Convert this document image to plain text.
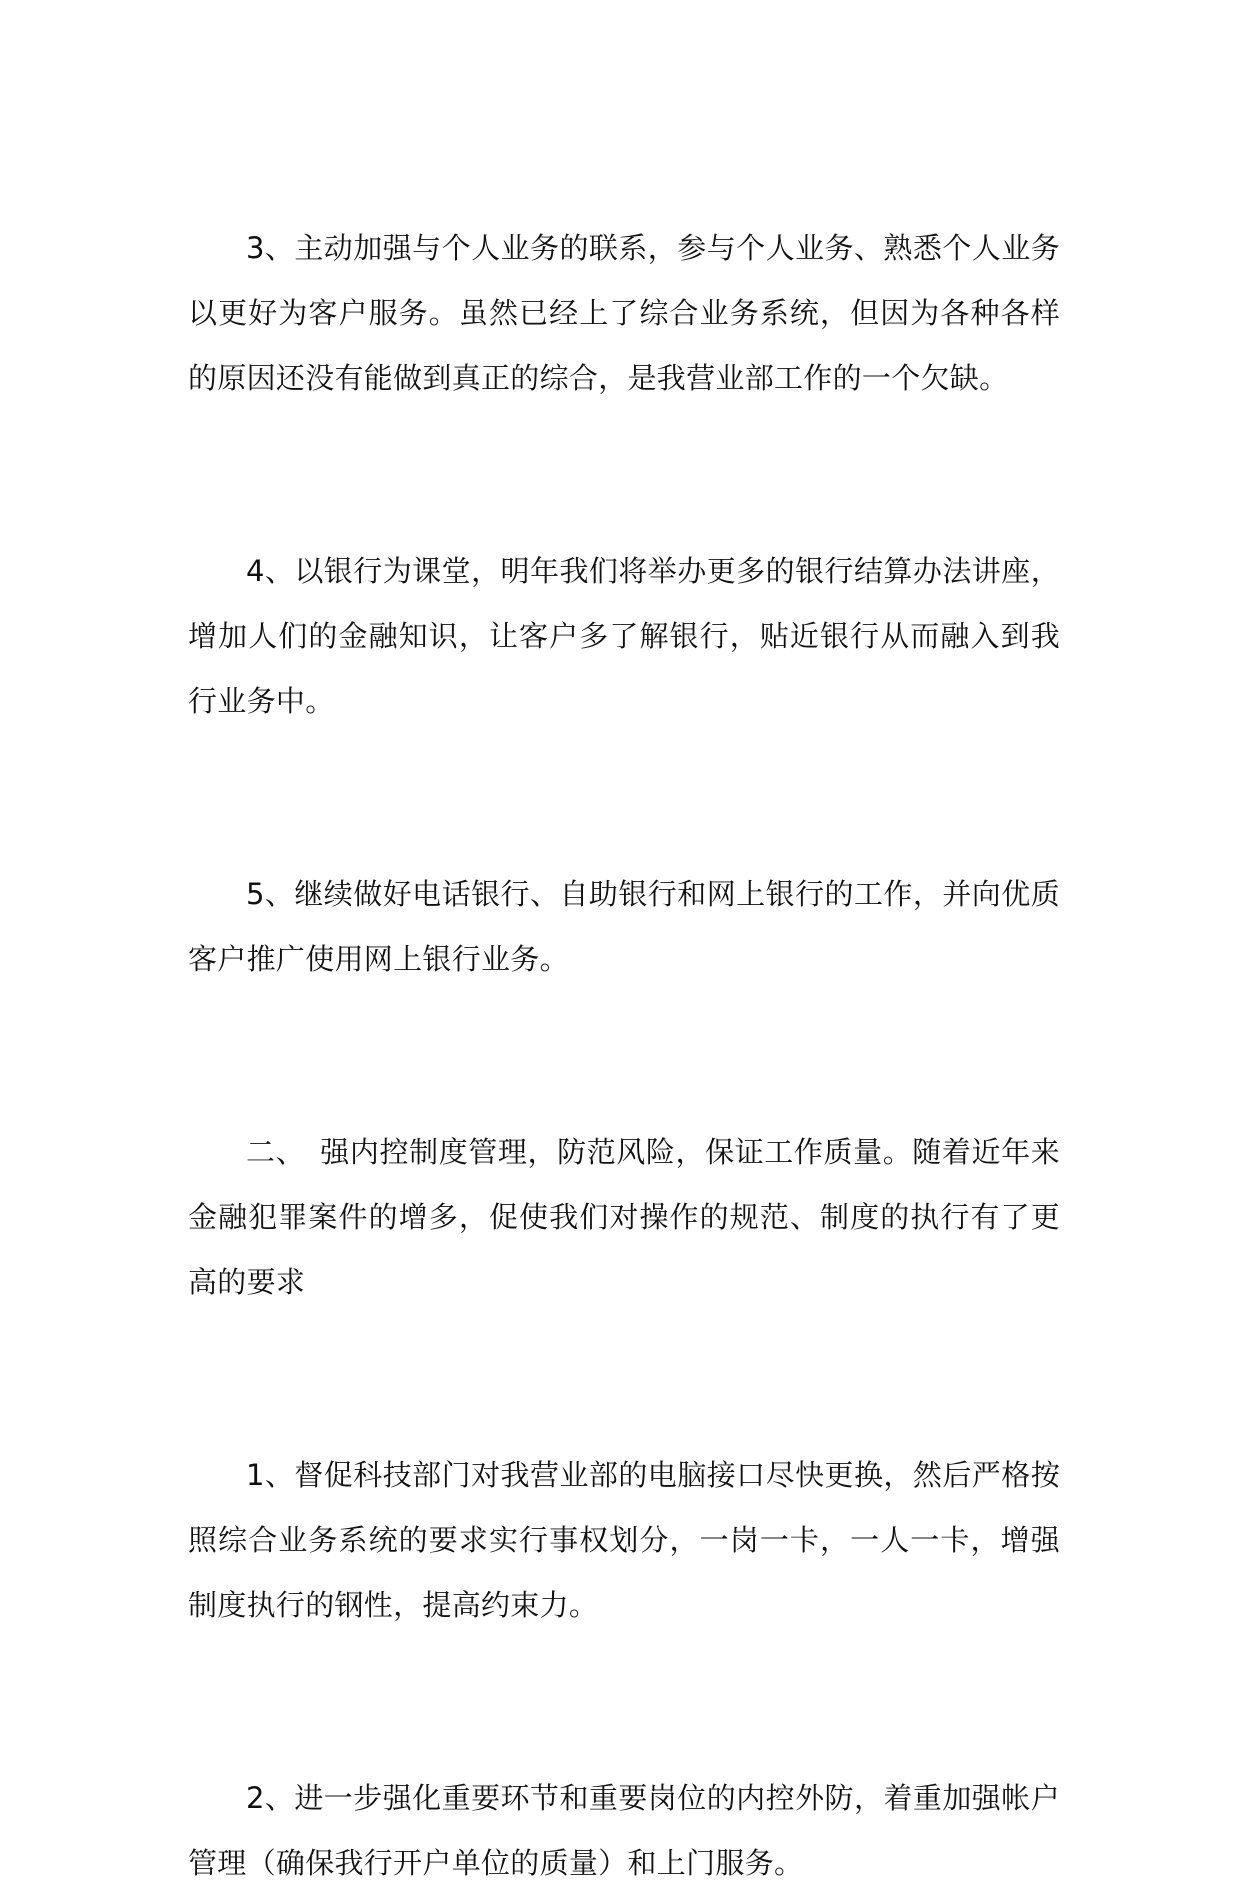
3、主动加强与个人业务的联系，参与个人业务、熟悉个人业务以更好为客户服务。虽然已经上了综合业务系统，但因为各种各样的原因还没有能做到真正的综合，是我营业部工作的一个欠缺。

4、以银行为课堂，明年我们将举办更多的银行结算办法讲座，增加人们的金融知识，让客户多了解银行，贴近银行从而融入到我行业务中。

5、继续做好电话银行、自助银行和网上银行的工作，并向优质客户推广使用网上银行业务。

二、　强内控制度管理，防范风险，保证工作质量。随着近年来金融犯罪案件的增多，促使我们对操作的规范、制度的执行有了更高的要求

1、督促科技部门对我营业部的电脑接口尽快更换，然后严格按照综合业务系统的要求实行事权划分，一岗一卡，一人一卡，增强制度执行的钢性，提高约束力。

2、进一步强化重要环节和重要岗位的内控外防，着重加强帐户管理（确保我行开户单位的质量）和上门服务。
